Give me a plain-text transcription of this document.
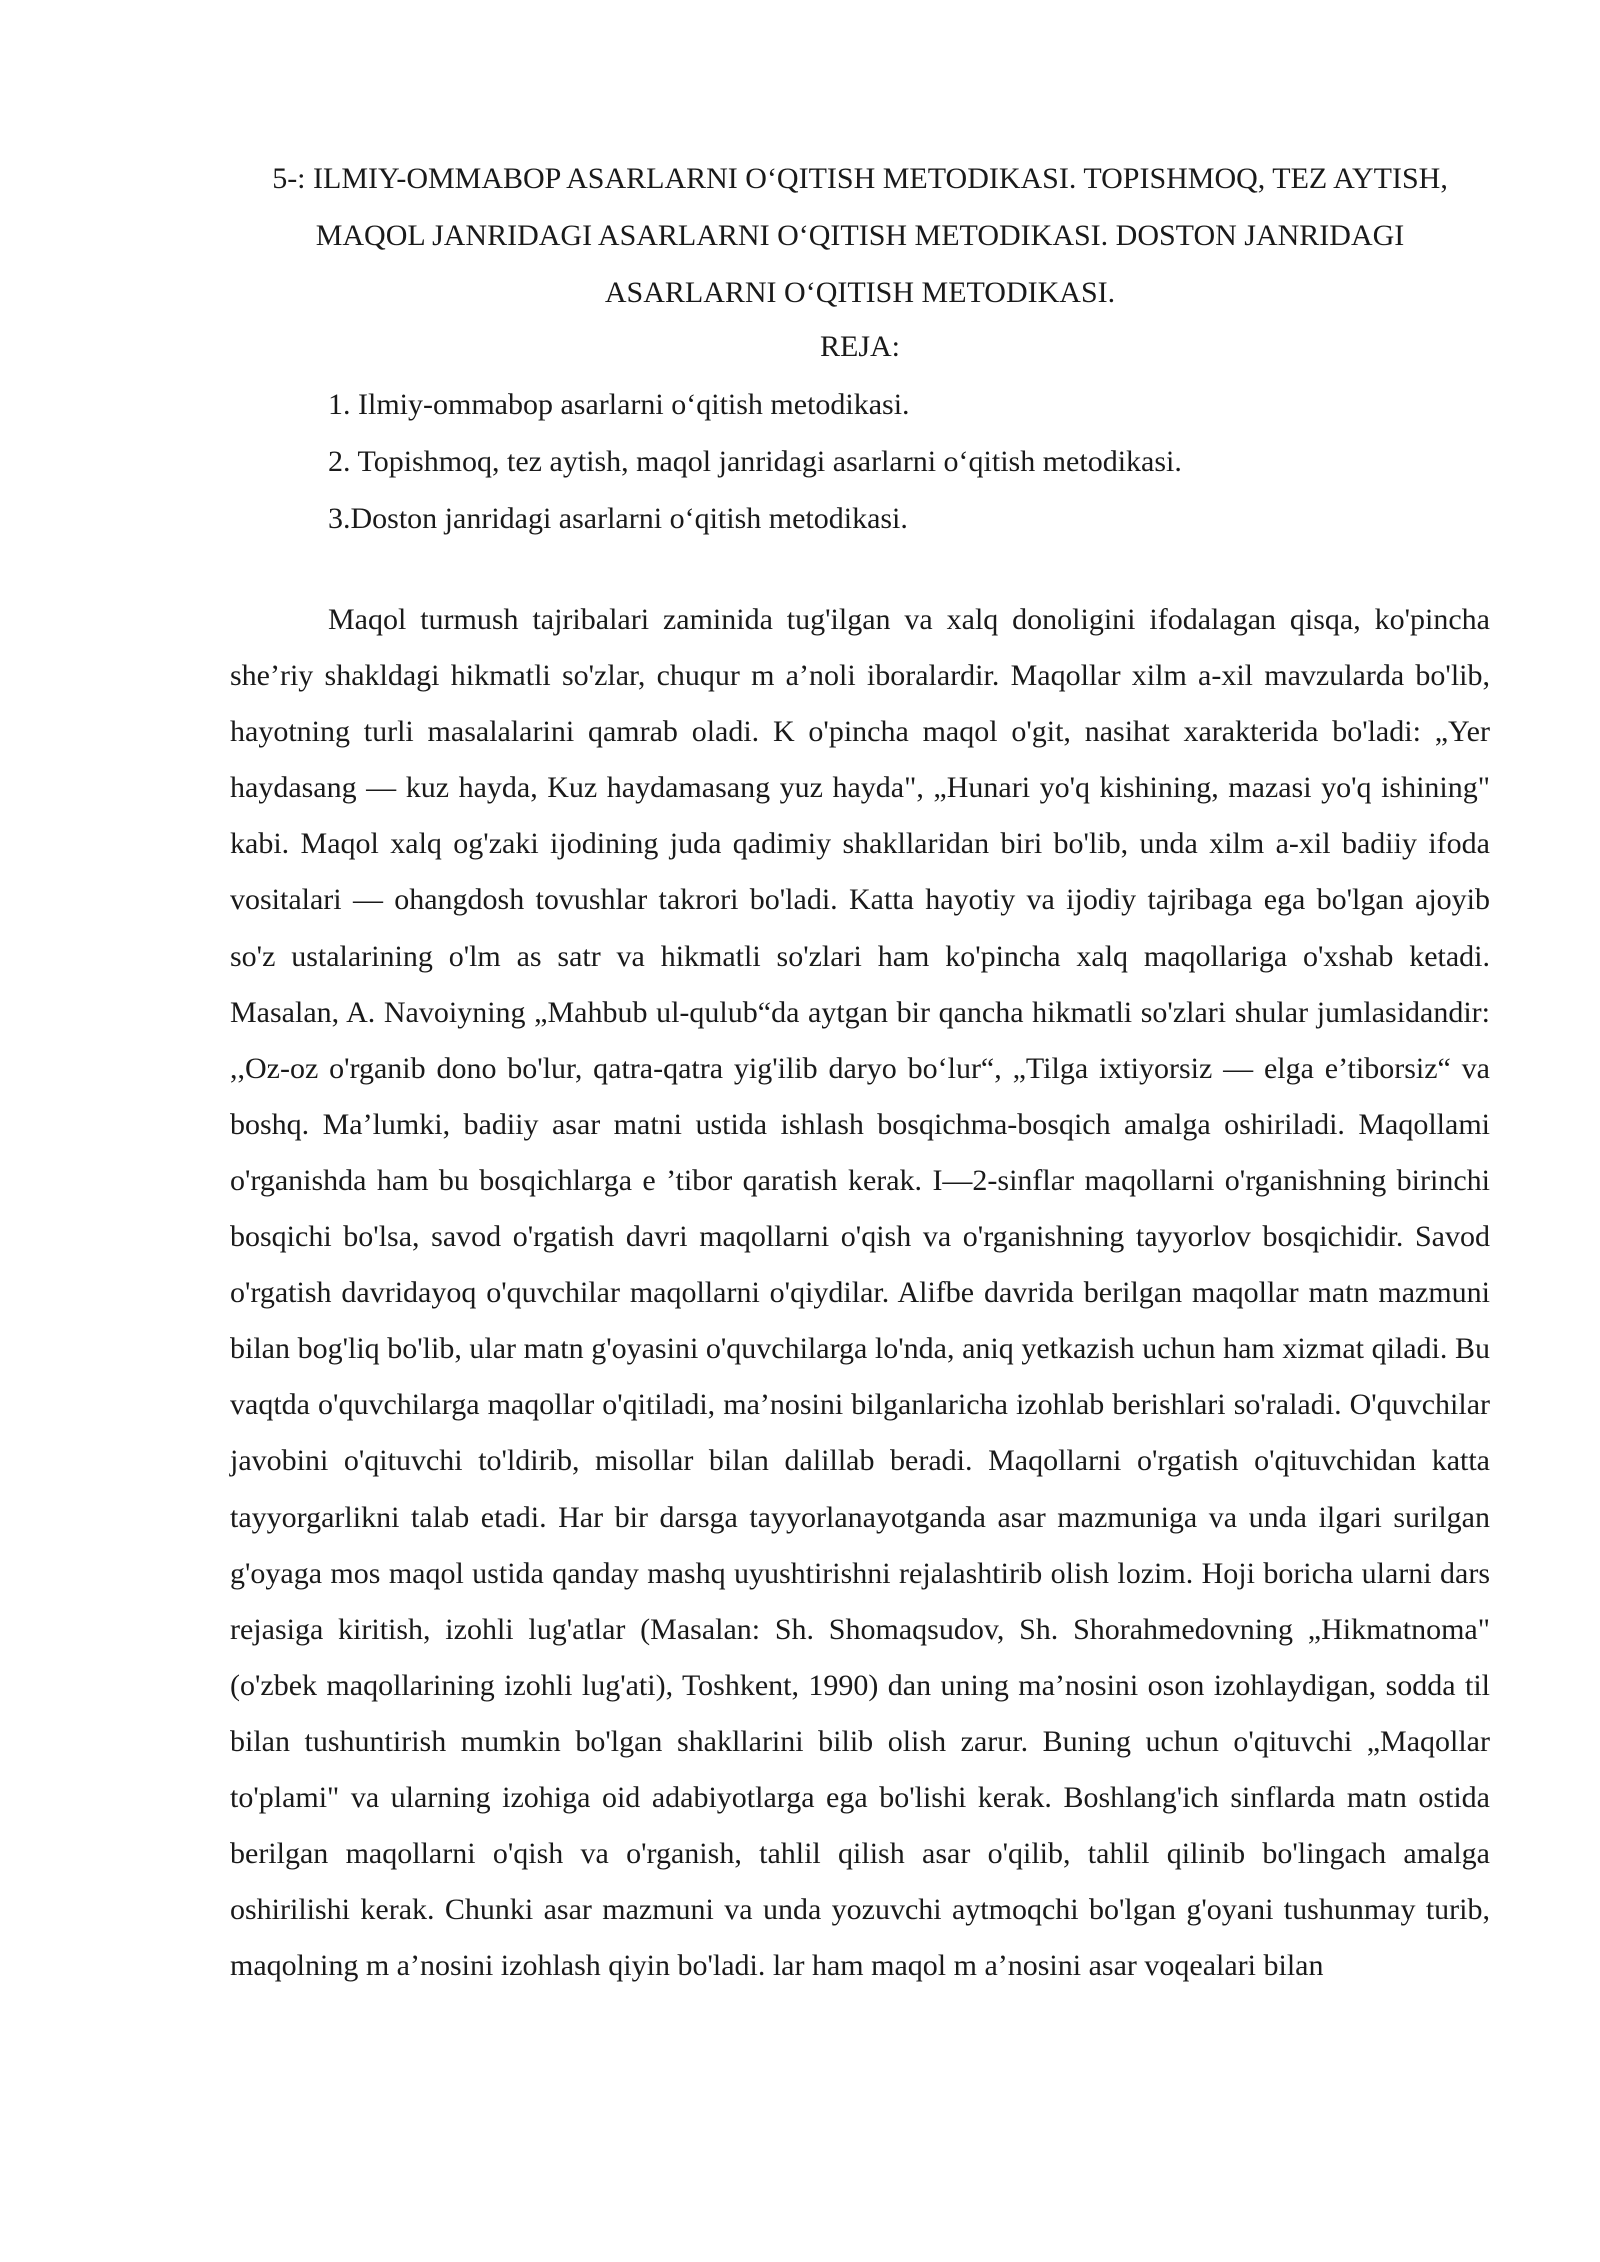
5-: ILMIY-OMMABOP ASARLARNI O‘QITISH METODIKASI. TOPISHMOQ, TEZ AYTISH, MAQOL JANRIDAGI ASARLARNI O‘QITISH METODIKASI. DOSTON JANRIDAGI ASARLARNI O‘QITISH METODIKASI.

REJA:

1. Ilmiy-ommabop asarlarni o‘qitish metodikasi.
2. Topishmoq, tez aytish, maqol janridagi asarlarni o‘qitish metodikasi.
3.Doston janridagi asarlarni o‘qitish metodikasi.

Maqol turmush tajribalari zaminida tug'ilgan va xalq donoligini ifodalagan qisqa, ko'pincha she’riy shakldagi hikmatli so'zlar, chuqur m a’noli iboralardir. Maqollar xilm a-xil mavzularda bo'lib, hayotning turli masalalarini qamrab oladi. K o'pincha maqol o'git, nasihat xarakterida bo'ladi: „Yer haydasang — kuz hayda, Kuz haydamasang yuz hayda", „Hunari yo'q kishining, mazasi yo'q ishining" kabi. Maqol xalq og'zaki ijodining juda qadimiy shakllaridan biri bo'lib, unda xilm a-xil badiiy ifoda vositalari — ohangdosh tovushlar takrori bo'ladi. Katta hayotiy va ijodiy tajribaga ega bo'lgan ajoyib so'z ustalarining o'lm as satr va hikmatli so'zlari ham ko'pincha xalq maqollariga o'xshab ketadi. Masalan, A. Navoiyning „Mahbub ul-qulub“da aytgan bir qancha hikmatli so'zlari shular jumlasidandir: ,,Oz-oz o'rganib dono bo'lur, qatra-qatra yig'ilib daryo bo‘lur“, „Tilga ixtiyorsiz — elga e’tiborsiz“ va boshq. Ma’lumki, badiiy asar matni ustida ishlash bosqichma-bosqich amalga oshiriladi. Maqollami o'rganishda ham bu bosqichlarga e ’tibor qaratish kerak. I—2-sinflar maqollarni o'rganishning birinchi bosqichi bo'lsa, savod o'rgatish davri maqollarni o'qish va o'rganishning tayyorlov bosqichidir. Savod o'rgatish davridayoq o'quvchilar maqollarni o'qiydilar. Alifbe davrida berilgan maqollar matn mazmuni bilan bog'liq bo'lib, ular matn g'oyasini o'quvchilarga lo'nda, aniq yetkazish uchun ham xizmat qiladi. Bu vaqtda o'quvchilarga maqollar o'qitiladi, ma’nosini bilganlaricha izohlab berishlari so'raladi. O'quvchilar javobini o'qituvchi to'ldirib, misollar bilan dalillab beradi. Maqollarni o'rgatish o'qituvchidan katta tayyorgarlikni talab etadi. Har bir darsga tayyorlanayotganda asar mazmuniga va unda ilgari surilgan g'oyaga mos maqol ustida qanday mashq uyushtirishni rejalashtirib olish lozim. Hoji boricha ularni dars rejasiga kiritish, izohli lug'atlar (Masalan: Sh. Shomaqsudov, Sh. Shorahmedovning „Hikmatnoma" (o'zbek maqollarining izohli lug'ati), Toshkent, 1990) dan uning ma’nosini oson izohlaydigan, sodda til bilan tushuntirish mumkin bo'lgan shakllarini bilib olish zarur. Buning uchun o'qituvchi „Maqollar to'plami" va ularning izohiga oid adabiyotlarga ega bo'lishi kerak. Boshlang'ich sinflarda matn ostida berilgan maqollarni o'qish va o'rganish, tahlil qilish asar o'qilib, tahlil qilinib bo'lingach amalga oshirilishi kerak. Chunki asar mazmuni va unda yozuvchi aytmoqchi bo'lgan g'oyani tushunmay turib, maqolning m a’nosini izohlash qiyin bo'ladi. lar ham maqol m a’nosini asar voqealari bilan
